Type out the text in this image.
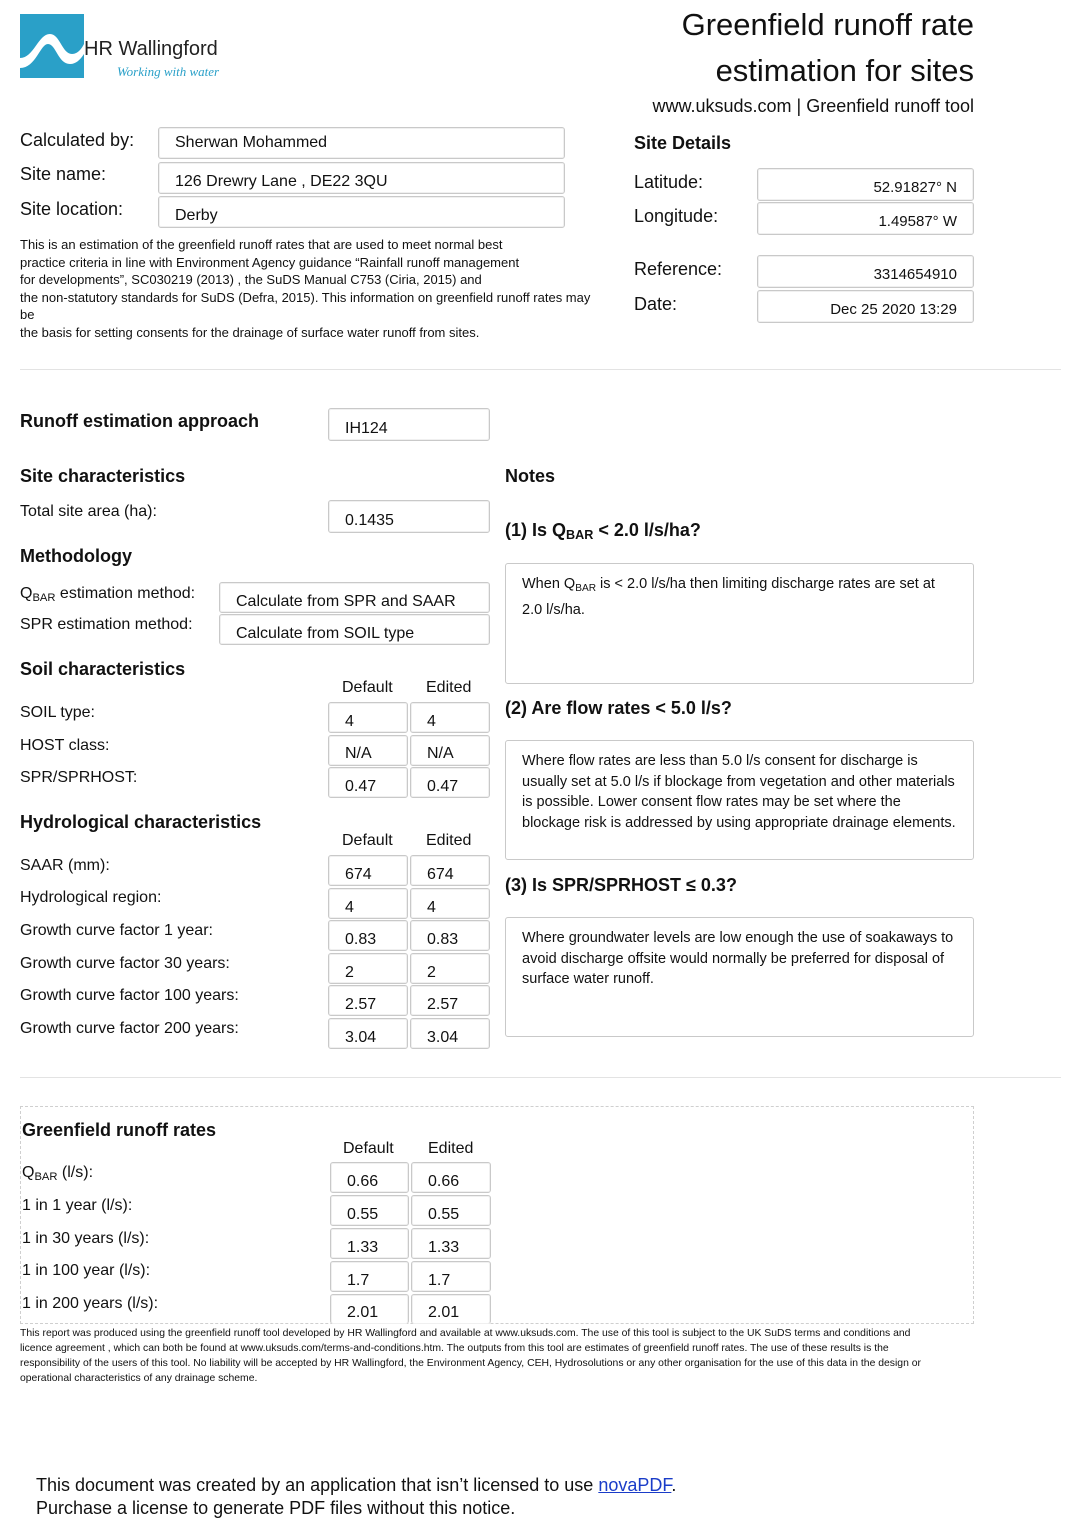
HR Wallingford
Working with water
Greenfield runoff rate
estimation for sites
www.uksuds.com | Greenfield runoff tool
Calculated by:	Sherwan Mohammed
Site name:	126 Drewry Lane , DE22 3QU
Site location:	Derby
Site Details
Latitude:	52.91827° N
Longitude:	1.49587° W
Reference:	3314654910
Date:	Dec 25 2020 13:29
This is an estimation of the greenfield runoff rates that are used to meet normal best
practice criteria in line with Environment Agency guidance “Rainfall runoff management
for developments”, SC030219 (2013) , the SuDS Manual C753 (Ciria, 2015) and
the non-statutory standards for SuDS (Defra, 2015). This information on greenfield runoff rates may
be
the basis for setting consents for the drainage of surface water runoff from sites.
Runoff estimation approach	IH124
Site characteristics
Total site area (ha):
0.1435
Methodology
$Q_{BAR}$ estimation method:	Calculate from SPR and SAAR
SPR estimation method:
Calculate from SOIL type
Soil characteristics
Default Edited
SOIL type:
4	4
HOST class:	N/A	N/A
SPR/SPRHOST:
0.47	0.47
Hydrological characteristics
Default Edited
SAAR (mm):
674	674
Hydrological region:
4	4
Growth curve factor 1 year:
0.83	0.83
Growth curve factor 30 years:
2	2
Growth curve factor 100 years:
2.57	2.57
Growth curve factor 200 years:
3.04	3.04
Notes
(1) Is $Q_{BAR} < 2.0$ l/s/ha?
When $Q_{BAR}$ is < 2.0 l/s/ha then limiting discharge rates are set at 2.0 l/s/ha.
(2) Are flow rates < 5.0 l/s?
Where flow rates are less than 5.0 l/s consent for discharge is usually set at 5.0 l/s if blockage from vegetation and other materials is possible. Lower consent flow rates may be set where the blockage risk is addressed by using appropriate drainage elements.
(3) Is SPR/SPRHOST ≤ 0.3?
Where groundwater levels are low enough the use of soakaways to avoid discharge offsite would normally be preferred for disposal of surface water runoff.
Greenfield runoff rates
Default Edited
$Q_{BAR}$ (l/s):
0.66	0.66
1 in 1 year (l/s):
0.55	0.55
1 in 30 years (l/s):
1.33	1.33
1 in 100 year (l/s):
1.7	1.7
1 in 200 years (l/s):
2.01	2.01
This report was produced using the greenfield runoff tool developed by HR Wallingford and available at www.uksuds.com. The use of this tool is subject to the UK SuDS terms and conditions and
licence agreement , which can both be found at www.uksuds.com/terms-and-conditions.htm. The outputs from this tool are estimates of greenfield runoff rates. The use of these results is the
responsibility of the users of this tool. No liability will be accepted by HR Wallingford, the Environment Agency, CEH, Hydrosolutions or any other organisation for the use of this data in the design or
operational characteristics of any drainage scheme.
This document was created by an application that isn’t licensed to use novaPDF.
Purchase a license to generate PDF files without this notice.
